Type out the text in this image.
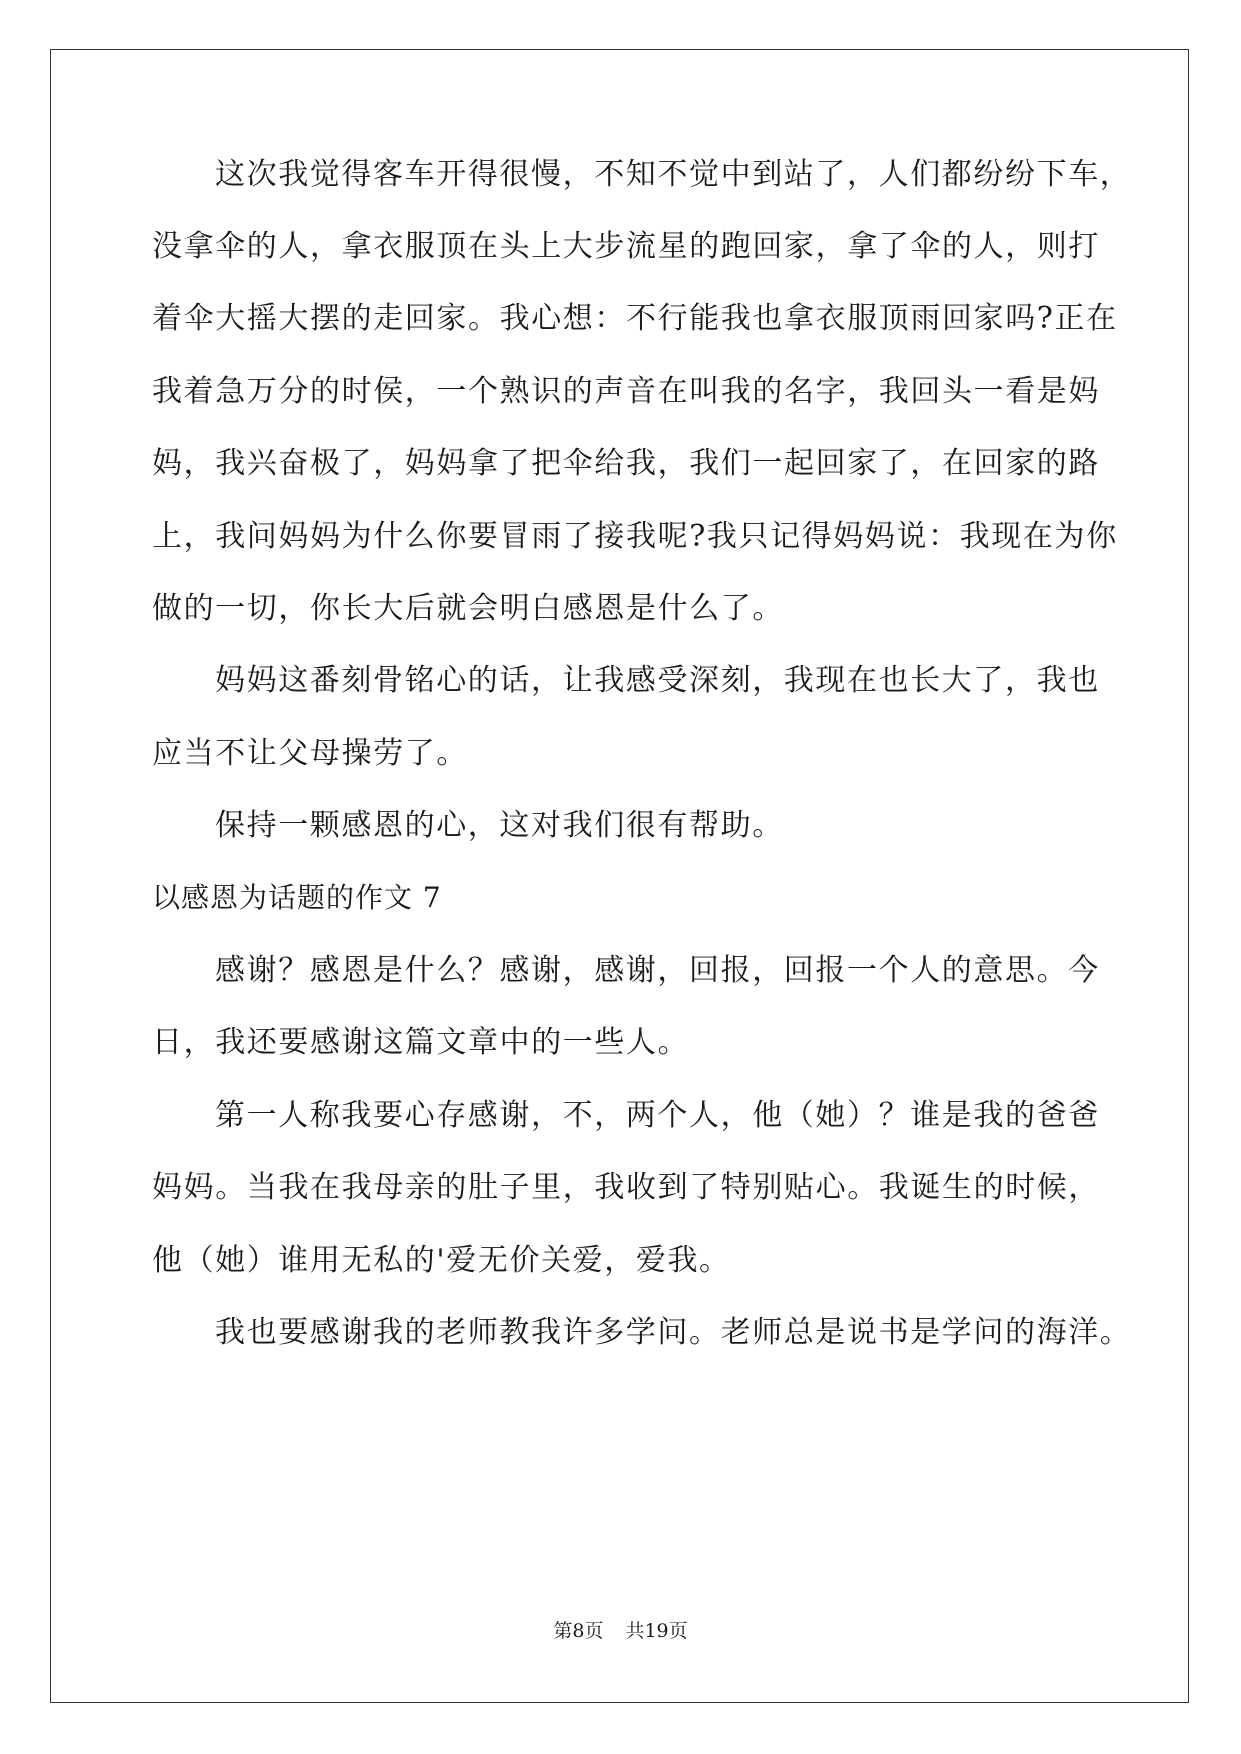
这次我觉得客车开得很慢，不知不觉中到站了，人们都纷纷下车，
没拿伞的人，拿衣服顶在头上大步流星的跑回家，拿了伞的人，则打
着伞大摇大摆的走回家。我心想：不行能我也拿衣服顶雨回家吗?正在
我着急万分的时侯，一个熟识的声音在叫我的名字，我回头一看是妈
妈，我兴奋极了，妈妈拿了把伞给我，我们一起回家了，在回家的路
上，我问妈妈为什么你要冒雨了接我呢?我只记得妈妈说：我现在为你
做的一切，你长大后就会明白感恩是什么了。
妈妈这番刻骨铭心的话，让我感受深刻，我现在也长大了，我也
应当不让父母操劳了。
保持一颗感恩的心，这对我们很有帮助。
以感恩为话题的作文 7
感谢？感恩是什么？感谢，感谢，回报，回报一个人的意思。今
日，我还要感谢这篇文章中的一些人。
第一人称我要心存感谢，不，两个人，他（她）？谁是我的爸爸
妈妈。当我在我母亲的肚子里，我收到了特别贴心。我诞生的时候，
他（她）谁用无私的'爱无价关爱，爱我。
我也要感谢我的老师教我许多学问。老师总是说书是学问的海洋。
第8页 共19页
